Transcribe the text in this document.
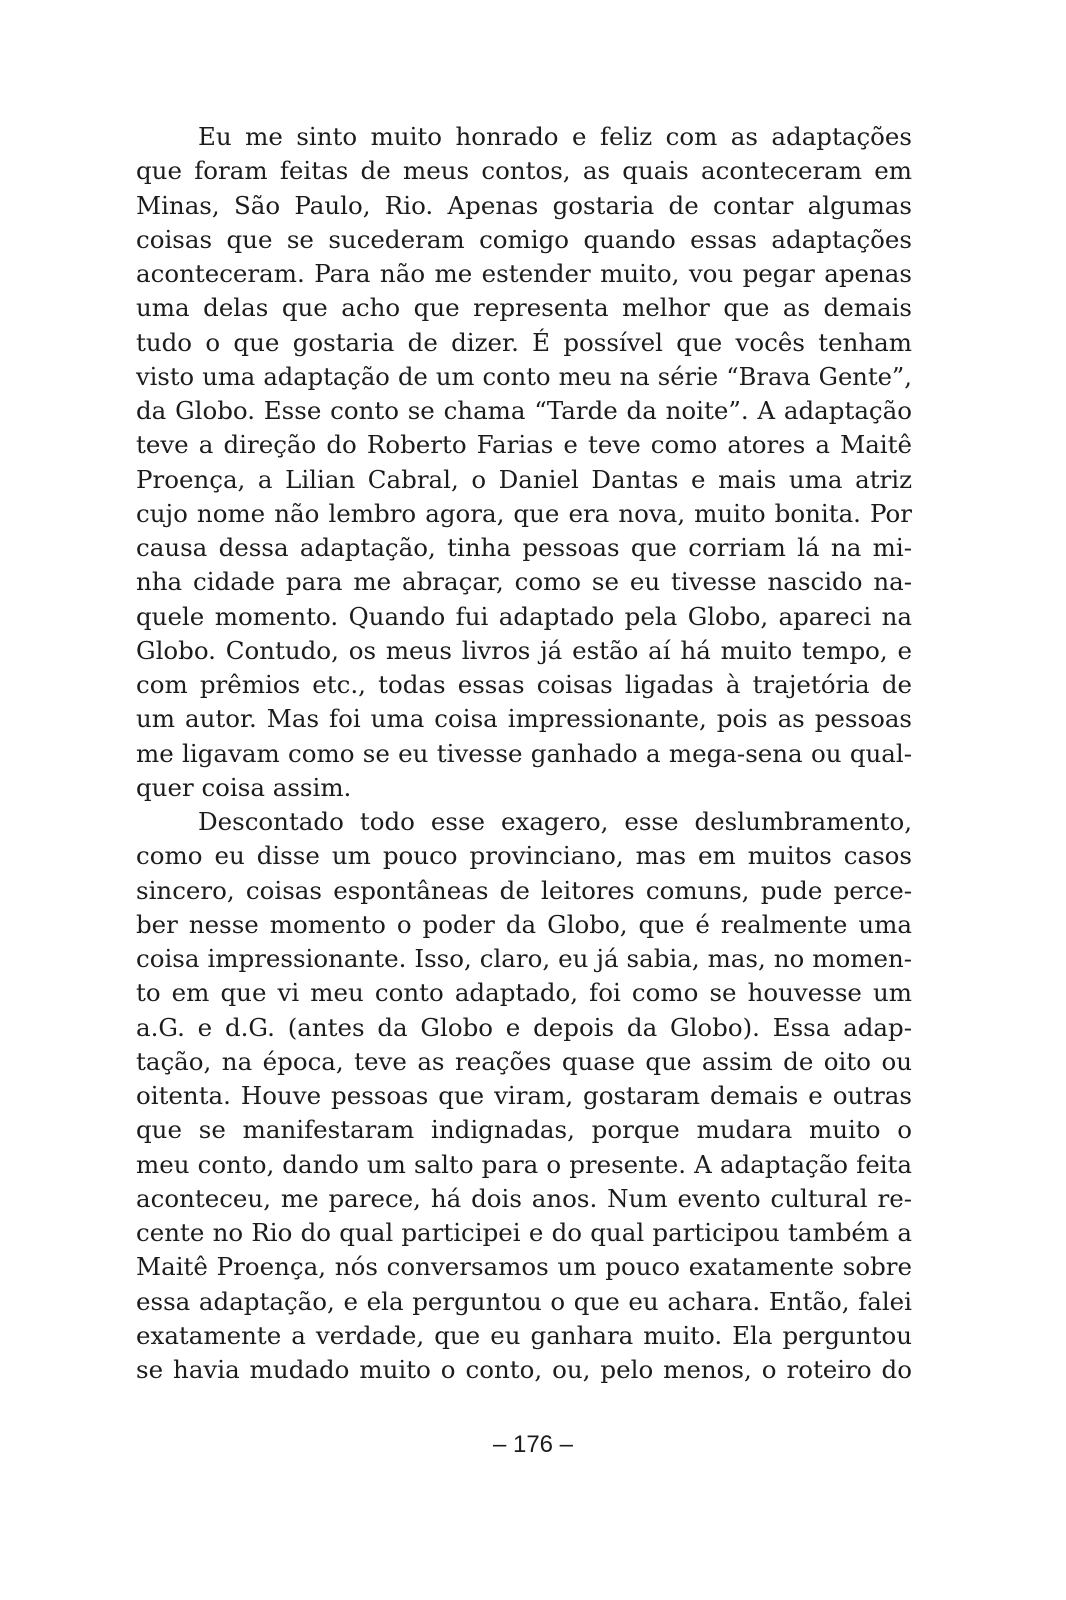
Eu me sinto muito honrado e feliz com as adaptações
que foram feitas de meus contos, as quais aconteceram em
Minas, São Paulo, Rio. Apenas gostaria de contar algumas
coisas que se sucederam comigo quando essas adaptações
aconteceram. Para não me estender muito, vou pegar apenas
uma delas que acho que representa melhor que as demais
tudo o que gostaria de dizer. É possível que vocês tenham
visto uma adaptação de um conto meu na série “Brava Gente”,
da Globo. Esse conto se chama “Tarde da noite”. A adaptação
teve a direção do Roberto Farias e teve como atores a Maitê
Proença, a Lilian Cabral, o Daniel Dantas e mais uma atriz
cujo nome não lembro agora, que era nova, muito bonita. Por
causa dessa adaptação, tinha pessoas que corriam lá na mi-
nha cidade para me abraçar, como se eu tivesse nascido na-
quele momento. Quando fui adaptado pela Globo, apareci na
Globo. Contudo, os meus livros já estão aí há muito tempo, e
com prêmios etc., todas essas coisas ligadas à trajetória de
um autor. Mas foi uma coisa impressionante, pois as pessoas
me ligavam como se eu tivesse ganhado a mega-sena ou qual-
quer coisa assim.
Descontado todo esse exagero, esse deslumbramento,
como eu disse um pouco provinciano, mas em muitos casos
sincero, coisas espontâneas de leitores comuns, pude perce-
ber nesse momento o poder da Globo, que é realmente uma
coisa impressionante. Isso, claro, eu já sabia, mas, no momen-
to em que vi meu conto adaptado, foi como se houvesse um
a.G. e d.G. (antes da Globo e depois da Globo). Essa adap-
tação, na época, teve as reações quase que assim de oito ou
oitenta. Houve pessoas que viram, gostaram demais e outras
que se manifestaram indignadas, porque mudara muito o
meu conto, dando um salto para o presente. A adaptação feita
aconteceu, me parece, há dois anos. Num evento cultural re-
cente no Rio do qual participei e do qual participou também a
Maitê Proença, nós conversamos um pouco exatamente sobre
essa adaptação, e ela perguntou o que eu achara. Então, falei
exatamente a verdade, que eu ganhara muito. Ela perguntou
se havia mudado muito o conto, ou, pelo menos, o roteiro do
– 176 –
